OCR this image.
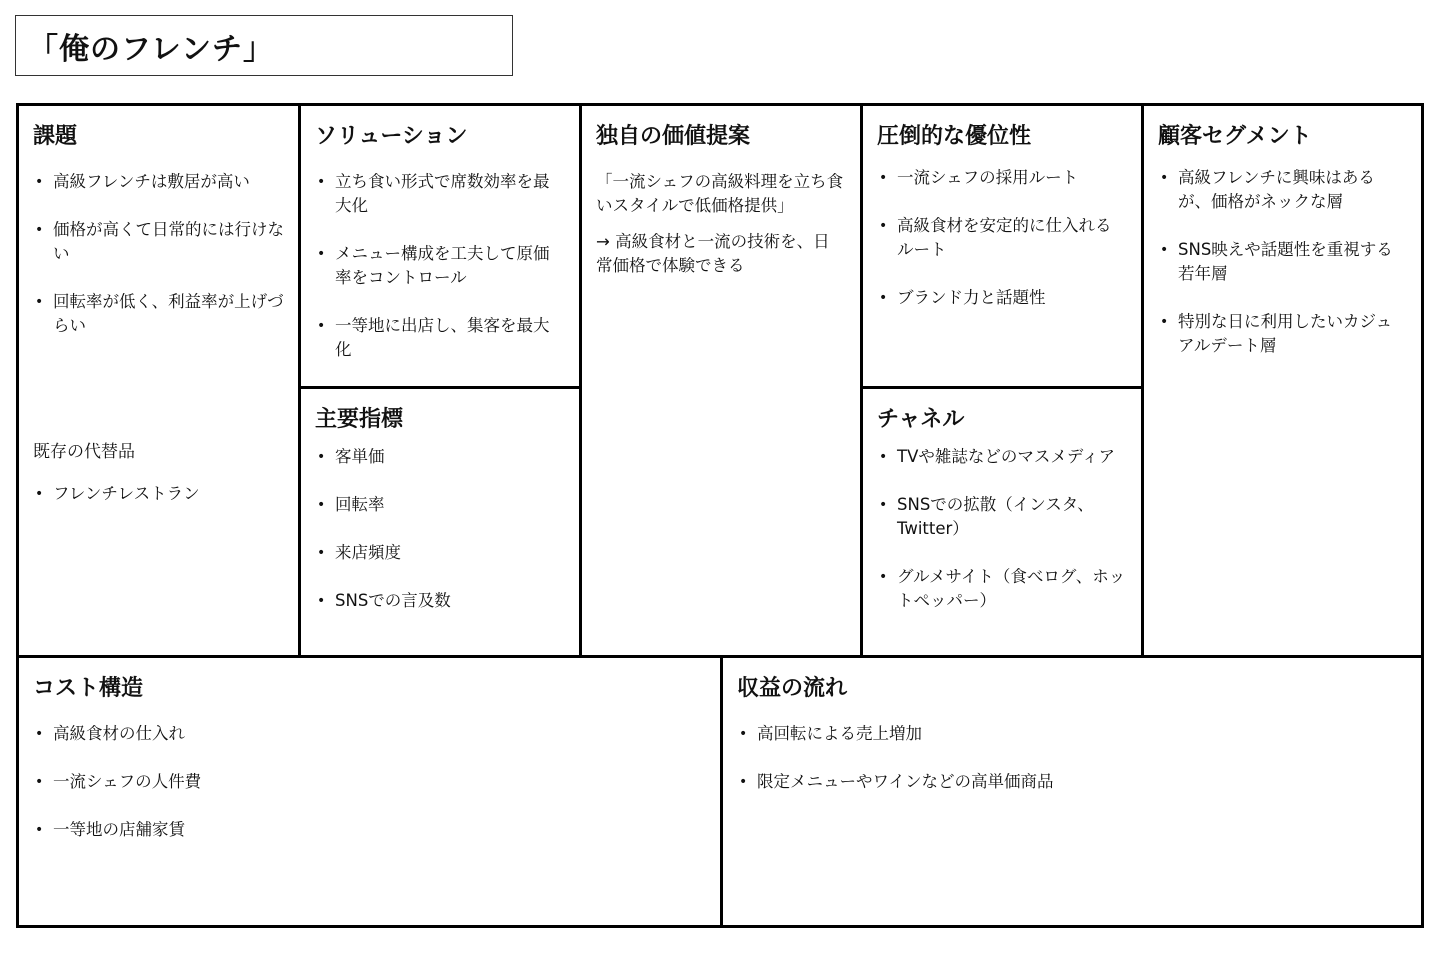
「俺のフレンチ」
課題
• 高級フレンチは敷居が高い
• 価格が高くて日常的には行けない
• 回転率が低く、利益率が上げづらい
既存の代替品
• フレンチレストラン
ソリューション
• 立ち食い形式で席数効率を最大化
• メニュー構成を工夫して原価率をコントロール
• 一等地に出店し、集客を最大化
主要指標
• 客単価
• 回転率
• 来店頻度
• SNSでの言及数
独自の価値提案

「一流シェフの高級料理を立ち食いスタイルで低価格提供」

→ 高級食材と一流の技術を、日常価格で体験できる

圧倒的な優位性
• 一流シェフの採用ルート
• 高級食材を安定的に仕入れるルート
• ブランド力と話題性
チャネル
• TVや雑誌などのマスメディア
• SNSでの拡散（インスタ、Twitter）
• グルメサイト（食べログ、ホットペッパー）
顧客セグメント
• 高級フレンチに興味はあるが、価格がネックな層
• SNS映えや話題性を重視する若年層
• 特別な日に利用したいカジュアルデート層
コスト構造
• 高級食材の仕入れ
• 一流シェフの人件費
• 一等地の店舗家賃
収益の流れ
• 高回転による売上増加
• 限定メニューやワインなどの高単価商品
